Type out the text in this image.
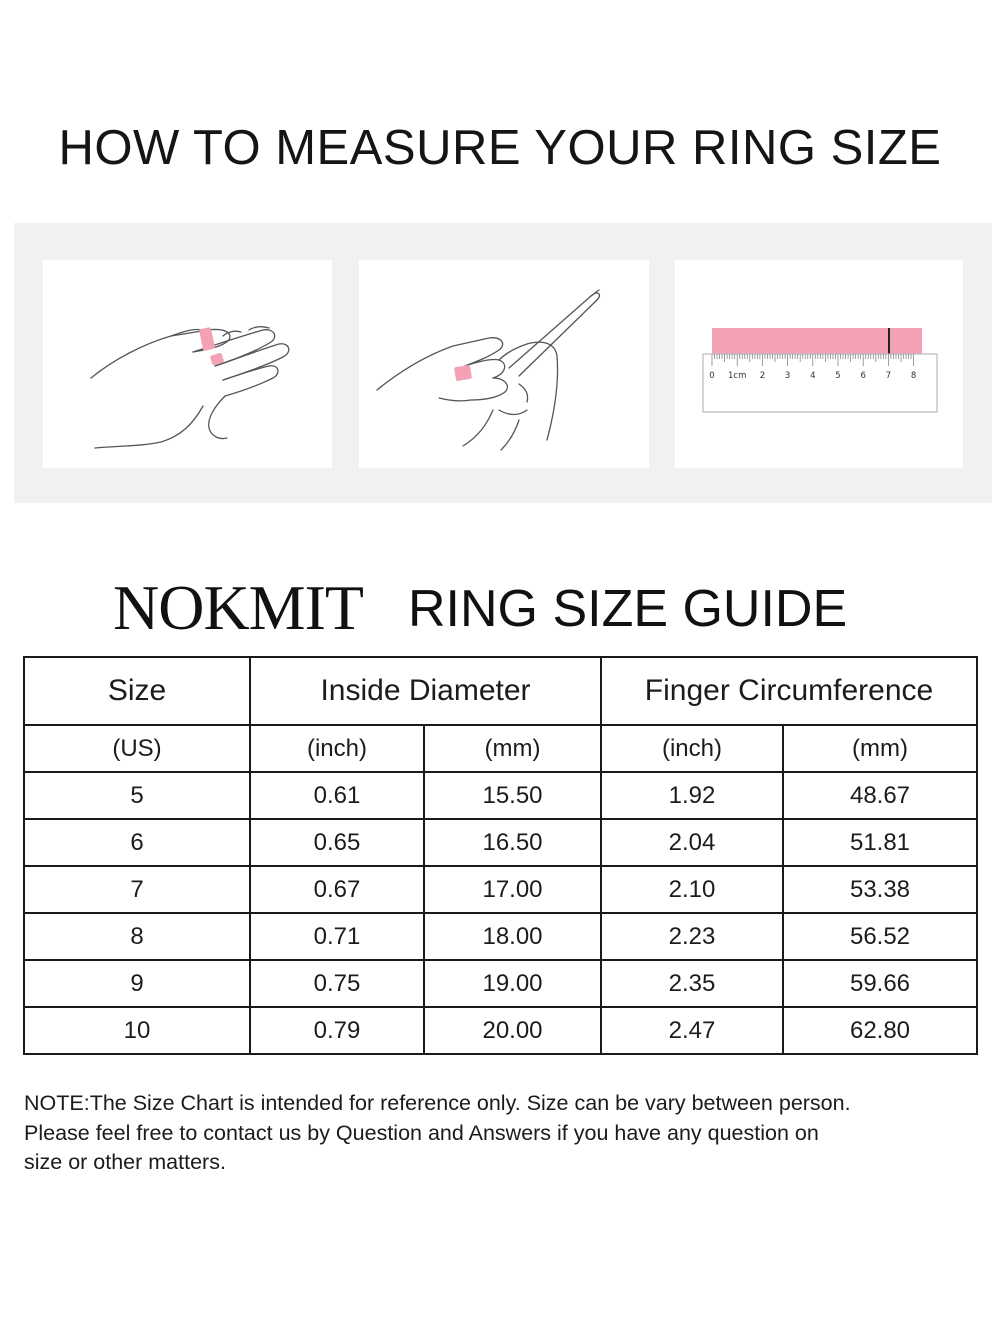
HOW TO MEASURE YOUR RING SIZE
0 1cm 2 3 4 5 6 7 8
NOKMIT RING SIZE GUIDE
Size	Inside Diameter		Finger Circumference	
(US)	(inch)	(mm)	(inch)	(mm)
5	0.61	15.50	1.92	48.67
6	0.65	16.50	2.04	51.81
7	0.67	17.00	2.10	53.38
8	0.71	18.00	2.23	56.52
9	0.75	19.00	2.35	59.66
10	0.79	20.00	2.47	62.80
NOTE:The Size Chart is intended for reference only. Size can be vary between person.
Please feel free to contact us by Question and Answers if you have any question on
size or other matters.
